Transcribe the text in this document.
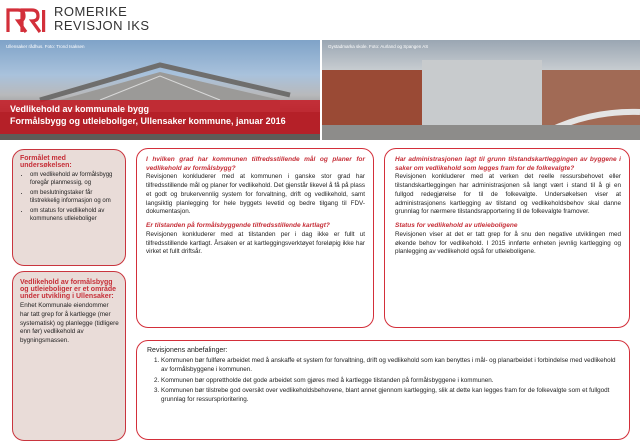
ROMERIKE
REVISJON IKS
Ullensaker rådhus. Foto: Trond Isaksen	Gystadmarka skole. Foto: Aurland og Spangen AS
Vedlikehold av kommunale bygg
Formålsbygg og utleieboliger, Ullensaker kommune, januar 2016
Formålet med undersøkelsen:
• om vedlikehold av formålsbygg foregår planmessig, og
• om beslutningstaker får tilstrekkelig informasjon og om
• om status for vedlikehold av kommunens utleieboliger
Vedlikehold av formålsbygg og utleieboliger er et område under utvikling i Ullensaker:
Enhet Kommunale eiendommer har tatt grep for å kartlegge (mer systematisk) og planlegge (tidligere enn før) vedlikehold av bygningsmassen.
I hvilken grad har kommunen tilfredsstillende mål og planer for vedlikehold av formålsbygg?
Revisjonen konkluderer med at kommunen i ganske stor grad har tilfredsstillende mål og planer for vedlikehold. Det gjenstår likevel å få på plass et godt og brukervennlig system for forvaltning, drift og vedlikehold, samt langsiktig planlegging for hele byggets levetid og bedre tilgang til FDV-dokumentasjon.
Er tilstanden på formålsbyggende tilfredsstillende kartlagt?
Revisjonen konkluderer med at tilstanden per i dag ikke er fullt ut tilfredsstillende kartlagt. Årsaken er at kartleggingsverktøyet foreløpig ikke har virket et fullt driftsår.
Har administrasjonen lagt til grunn tilstandskartleggingen av byggene i saker om vedlikehold som legges fram for de folkevalgte?
Revisjonen konkluderer med at verken det reelle ressursbehovet eller tilstandskartleggingen har administrasjonen så langt vært i stand til å gi en fullgod redegjørelse for til de folkevalgte. Undersøkelsen viser at administrasjonens kartlegging av tilstand og vedlikeholdsbehov skal danne grunnlag for nærmere tilstandsrapportering til de folkevalgte framover.
Status for vedlikehold av utleieboligene
Revisjonen viser at det er tatt grep for å snu den negative utviklingen med økende behov for vedlikehold. I 2015 innførte enheten jevnlig kartlegging og planlegging av vedlikehold også for utleieboligene.
Revisjonens anbefalinger:
1. Kommunen bør fullføre arbeidet med å anskaffe et system for forvaltning, drift og vedlikehold som kan benyttes i mål- og planarbeidet i forbindelse med vedlikehold av formålsbyggene i kommunen.
2. Kommunen bør opprettholde det gode arbeidet som gjøres med å kartlegge tilstanden på formålsbyggene i kommunen.
3. Kommunen bør tilstrebe god oversikt over vedlikeholdsbehovene, blant annet gjennom kartlegging, slik at dette kan legges fram for de folkevalgte som et fullgodt grunnlag for ressursprioritering.
